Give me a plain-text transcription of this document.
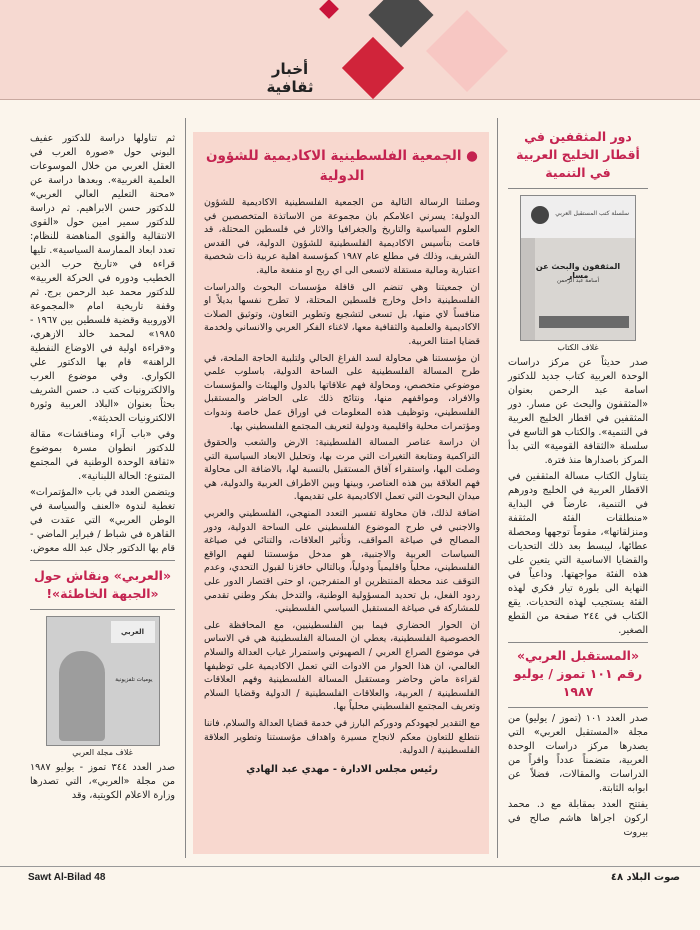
أخبار ثقافية
دور المثقفين في أقطار الخليج العربية في التنمية
سلسلة كتب المستقبل العربي
المثقفون والبحث عن مسار
أسامة عبد الرحمن
غلاف الكتاب

صدر حديثاً عن مركز دراسات الوحدة العربية كتاب جديد للدكتور اسامة عبد الرحمن بعنوان «المثقفون والبحث عن مسار. دور المثقفين في اقطار الخليج العربية في التنمية». والكتاب هو التاسع في سلسلة «الثقافة القومية» التي بدأ المركز باصدارها منذ فترة.

يتناول الكتاب مسالة المثقفين في الاقطار العربية في الخليج ودورهم في التنمية، عارضاً في البداية «منطلقات الفئة المثقفة ومنزلقاتها»، مقوماً توجهها ومحصلة عطائها، ليبسط بعد ذلك التحديات والقضايا الاساسية التي يتعين على هذه الفئة مواجهتها. وداعياً في النهاية الى بلورة تيار فكري لهذه الفئة يستجيب لهذه التحديات. يقع الكتاب في ٢٤٤ صفحة من القطع الصغير.

«المستقبل العربي» رقم ١٠١ تموز / يوليو ١٩٨٧

صدر العدد ١٠١ (تموز / يوليو) من مجلة «المستقبل العربي» التي يصدرها مركز دراسات الوحدة العربية، متضمناً عدداً وافراً من الدراسات والمقالات، فضلاً عن ابوابه الثابتة.

يفتتح العدد بمقابلة مع د. محمد اركون اجراها هاشم صالح في بيروت

● الجمعية الفلسطينية الاكاديمية للشؤون الدولية

وصلتنا الرسالة التالية من الجمعية الفلسطينية الاكاديمية للشؤون الدولية: يسرني اعلامكم بان مجموعة من الاساتذة المتخصصين في العلوم السياسية والتاريخ والجغرافيا والاثار في فلسطين المحتلة، قد قامت بتأسيس الاكاديمية الفلسطينية للشؤون الدولية، في القدس الشريف، وذلك في مطلع عام ١٩٨٧ كمؤسسة اهلية عربية ذات شخصية اعتبارية ومالية مستقلة لاتسعى الى اي ربح او منفعة مالية.

ان جمعيتنا وهي تنضم الى قافلة مؤسسات البحوث والدراسات الفلسطينية داخل وخارج فلسطين المحتلة، لا تطرح نفسها بديلاً او منافساً لاي منها، بل تسعى لتشجيع وتطوير التعاون، وتوثيق الصلات الاكاديمية والعلمية والثقافية معها، لاغناء الفكر العربي والانساني ولخدمة قضايا امتنا العربية.

ان مؤسستنا هي محاولة لسد الفراغ الحالي ولتلبية الحاجة الملحة، في طرح المسالة الفلسطينية على الساحة الدولية، باسلوب علمي موضوعي متخصص، ومحاولة فهم علاقاتها بالدول والهيئات والمؤسسات والافراد، ومواقفهم منها، ونتائج ذلك على الحاضر والمستقبل الفلسطيني، وتوظيف هذه المعلومات في اوراق عمل خاصة وندوات ومؤتمرات محلية واقليمية ودولية لتعريف المجتمع الفلسطيني بها.

ان دراسة عناصر المسالة الفلسطينية: الارض والشعب والحقوق التراكمية ومتابعة التغيرات التي مرت بها، وتحليل الابعاد السياسية التي وصلت اليها، واستقراء آفاق المستقبل بالنسبة لها، بالاضافة الى محاولة فهم العلاقة بين هذه العناصر، وبينها وبين الاطراف العربية والدولية، هي ميدان البحوث التي تعمل الاكاديمية على تقديمها.

اضافة لذلك، فان محاولة تفسير التعدد المنهجي، الفلسطيني والعربي والاجنبي في طرح الموضوع الفلسطيني على الساحة الدولية، ودور المصالح في صياغة المواقف، وتأثير العلاقات، والتنائي في صياغة السياسات العربية والاجنبية، هو مدخل مؤسستنا لفهم الواقع الفلسطيني، محلياً واقليمياً ودولياً، وبالتالي حافزنا لقبول التحدي، وعدم التوقف عند محطة المنتظرين او المتفرجين، او حتى اقتصار الدور على ردود الفعل، بل تحديد المسؤولية الوطنية، والتدخل بفكر وطني تقدمي للمشاركة في صياغة المستقبل السياسي الفلسطيني.

ان الحوار الحضاري فيما بين الفلسطينيين، مع المحافظة على الخصوصية الفلسطينية، يعطي ان المسالة الفلسطينية هي في الاساس في موضوع الصراع العربي / الصهيوني واستمرار غياب العدالة والسلام العالمي، ان هذا الحوار من الادوات التي تعمل الاكاديمية على توظيفها لقراءة ماض وحاضر ومستقبل المسالة الفلسطينية وفهم العلاقات الفلسطينية / العربية، والعلاقات الفلسطينية / الدولية وقضايا السلام وتعريف المجتمع الفلسطيني محلياً بها.

مع التقدير لجهودكم ودوركم البارز في خدمة قضايا العدالة والسلام، فاننا نتطلع للتعاون معكم لانجاح مسيرة واهداف مؤسستنا وتطوير العلاقة الفلسطينية / الدولية.

رئيس مجلس الادارة - مهدي عبد الهادي

ثم تناولها دراسة للدكتور عفيف البوني حول «صورة العرب في العقل العربي من خلال الموسوعات العلمية الغربية». وبعدها دراسة عن «محنة التعليم العالي العربي» للدكتور حسن الابراهيم. ثم دراسة للدكتور سمير امين حول «القوى الانتقالية والقوى المناهضة للنظام: تعدد ابعاد الممارسة السياسية». تليها قراءة في «تاريخ حرب الدين الخطيب ودوره في الحركة العربية» للدكتور محمد عبد الرحمن برج. ثم وقفة تاريخية امام «المجموعة الاوروبية وقضية فلسطين بين ١٩٦٧ - ١٩٨٥» لمحمد خالد الازهري، و«قراءة اولية في الاوضاع النفطية الراهنة» قام بها الدكتور علي الكواري. وفي موضوع العرب والالكترونيات كتب د. حسن الشريف بحثاً بعنوان «البلاد العربية وثورة الالكترونيات الحديثة».

وفي «باب آراء ومناقشات» مقالة للدكتور انطوان مسرة بموضوع «ثقافة الوحدة الوطنية في المجتمع المتنوع: الحالة اللبنانية».

ويتضمن العدد في باب «المؤتمرات» تغطية لندوة «العنف والسياسة في الوطن العربي» التي عقدت في القاهرة في شباط / فبراير الماضي - قام بها الدكتور جلال عبد الله معوض.

«العربي» ونقاش حول «الجبهة الخاطئة»!
العربي
يوميات تلفزيونية
غلاف مجلة العربي

صدر العدد ٣٤٤ تموز - يوليو ١٩٨٧ من مجلة «العربي»، التي تصدرها وزارة الاعلام الكويتية، وقد

Sawt Al-Bilad 48	صوت البلاد ٤٨
